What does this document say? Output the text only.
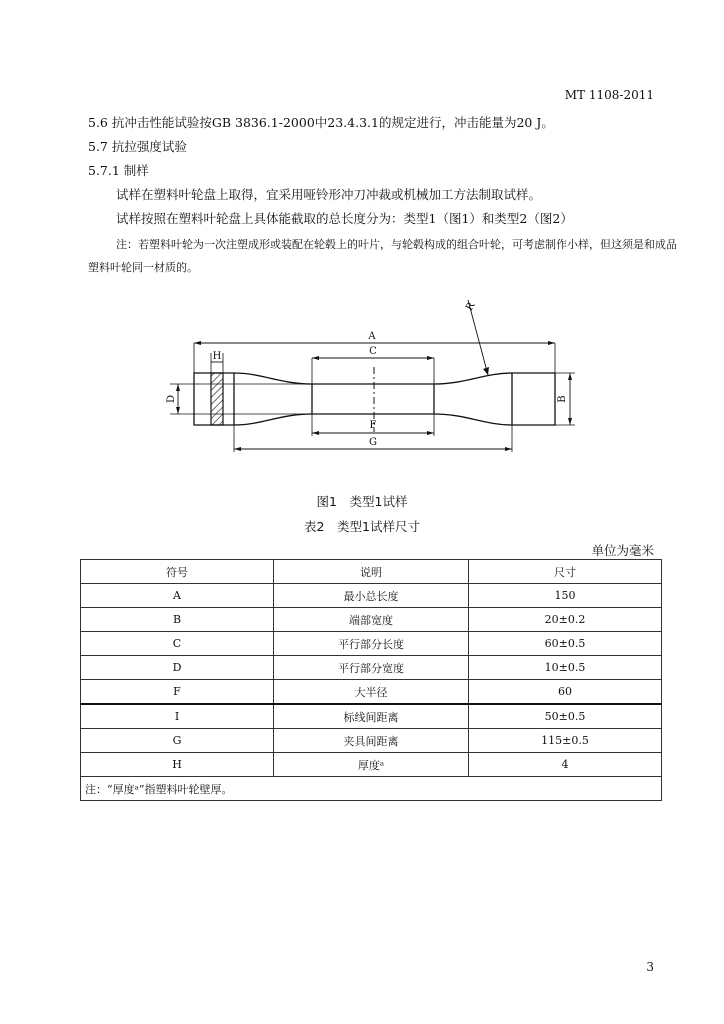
MT 1108-2011
5.6 抗冲击性能试验按GB 3836.1-2000中23.4.3.1的规定进行，冲击能量为20 J。
5.7 抗拉强度试验
5.7.1 制样
试样在塑料叶轮盘上取得，宜采用哑铃形冲刀冲裁或机械加工方法制取试样。
试样按照在塑料叶轮盘上具体能截取的总长度分为：类型1（图1）和类型2（图2）
注：若塑料叶轮为一次注塑成形或装配在轮毂上的叶片，与轮毂构成的组合叶轮，可考虑制作小样，但这须是和成品
塑料叶轮同一材质的。
A
C
F
G
H
D	B
R
图1　类型1试样
表2　类型1试样尺寸
单位为毫米
符号	说明	尺寸
A	最小总长度	150
B	端部宽度	20±0.2
C	平行部分长度	60±0.5
D	平行部分宽度	10±0.5
F	大半径	60
I	标线间距离	50±0.5
G	夹具间距离	115±0.5
H	厚度ᵃ	4
注：“厚度ᵃ”指塑料叶轮壁厚。		
3
